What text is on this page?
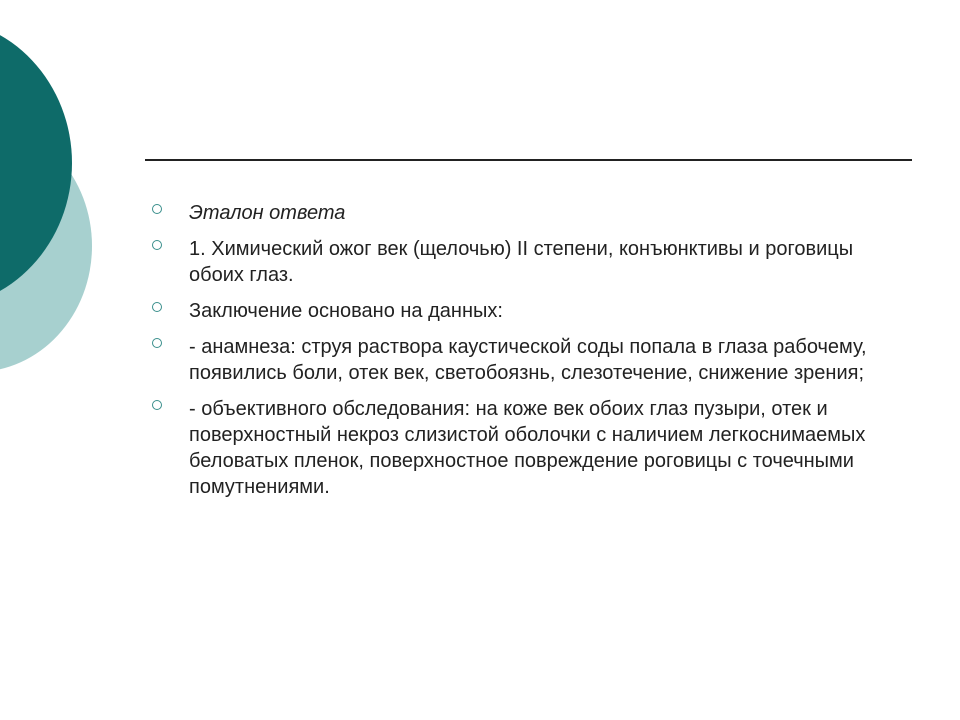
Эталон ответа
1. Химический ожог век (щелочью) II степени, конъюнктивы и роговицы обоих глаз.
Заключение основано на данных:
- анамнеза: струя раствора каустической соды попала в глаза рабочему, появились боли, отек век, светобоязнь, слезотечение, снижение зрения;
- объективного обследования: на коже век обоих глаз пузыри, отек и поверхностный некроз слизистой оболочки с наличием легкоснимаемых беловатых пленок, поверхностное повреждение роговицы с точечными помутнениями.
